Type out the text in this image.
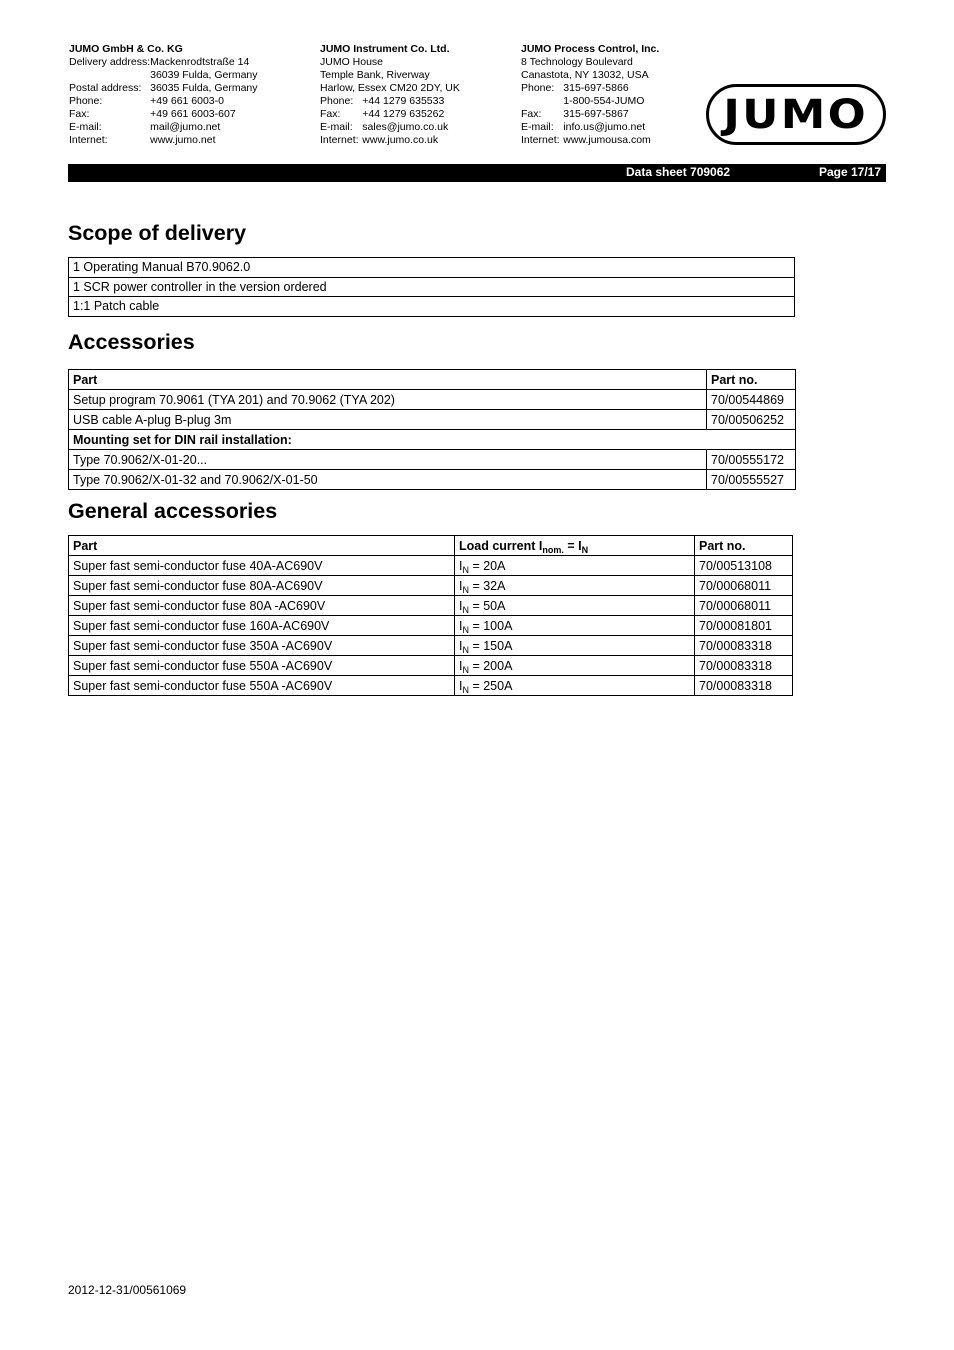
JUMO GmbH & Co. KG
Delivery address:	Mackenrodtstraße 14
	36039 Fulda, Germany
Postal address:	36035 Fulda, Germany
Phone:	+49 661 6003-0
Fax:	+49 661 6003-607
E-mail:	mail@jumo.net
Internet:	www.jumo.net
JUMO Instrument Co. Ltd.
JUMO House
Temple Bank, Riverway
Harlow, Essex CM20 2DY, UK
Phone:	+44 1279 635533
Fax:	+44 1279 635262
E-mail:	sales@jumo.co.uk
Internet:	www.jumo.co.uk
JUMO Process Control, Inc.
8 Technology Boulevard
Canastota, NY 13032, USA
Phone:	315-697-5866
	1-800-554-JUMO
Fax:	315-697-5867
E-mail:	info.us@jumo.net
Internet:	www.jumousa.com
JUMO
Data sheet 709062	Page 17/17
Scope of delivery
1 Operating Manual B70.9062.0
1 SCR power controller in the version ordered
1:1 Patch cable
Accessories
Part	Part no.
Setup program 70.9061 (TYA 201) and 70.9062 (TYA 202)	70/00544869
USB cable A-plug B-plug 3m	70/00506252
Mounting set for DIN rail installation:	
Type 70.9062/X-01-20...	70/00555172
Type 70.9062/X-01-32 and 70.9062/X-01-50	70/00555527
General accessories
Part	Load current $I_{nom.} = I_N$	Part no.
Super fast semi-conductor fuse 40A-AC690V	$I_N = 20A$	70/00513108
Super fast semi-conductor fuse 80A-AC690V	$I_N = 32A$	70/00068011
Super fast semi-conductor fuse 80A -AC690V	$I_N = 50A$	70/00068011
Super fast semi-conductor fuse 160A-AC690V	$I_N = 100A$	70/00081801
Super fast semi-conductor fuse 350A -AC690V	$I_N = 150A$	70/00083318
Super fast semi-conductor fuse 550A -AC690V	$I_N = 200A$	70/00083318
Super fast semi-conductor fuse 550A -AC690V	$I_N = 250A$	70/00083318
2012-12-31/00561069
